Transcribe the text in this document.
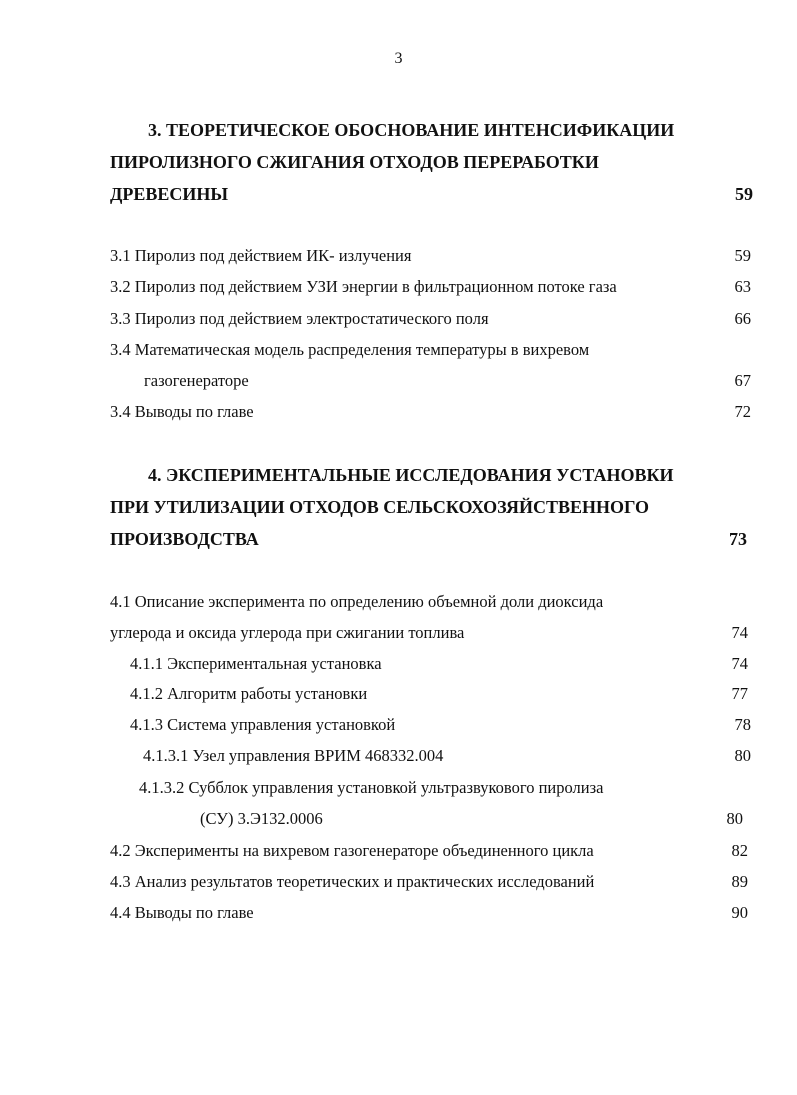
3
3. ТЕОРЕТИЧЕСКОЕ ОБОСНОВАНИЕ ИНТЕНСИФИКАЦИИ
ПИРОЛИЗНОГО СЖИГАНИЯ ОТХОДОВ ПЕРЕРАБОТКИ
ДРЕВЕСИНЫ	59
3.1 Пиролиз под действием ИК- излучения	59
3.2 Пиролиз под действием УЗИ энергии в фильтрационном потоке газа	63
3.3 Пиролиз под действием электростатического поля	66
3.4 Математическая модель распределения температуры в вихревом
газогенераторе	67
3.4 Выводы по главе	72
4. ЭКСПЕРИМЕНТАЛЬНЫЕ ИССЛЕДОВАНИЯ УСТАНОВКИ
ПРИ УТИЛИЗАЦИИ ОТХОДОВ СЕЛЬСКОХОЗЯЙСТВЕННОГО
ПРОИЗВОДСТВА	73
4.1 Описание эксперимента по определению объемной доли диоксида
углерода и оксида углерода при сжигании топлива	74
4.1.1 Экспериментальная установка	74
4.1.2 Алгоритм работы установки	77
4.1.3 Система управления установкой	78
4.1.3.1 Узел управления ВРИМ 468332.004	80
4.1.3.2 Субблок управления установкой ультразвукового пиролиза
(СУ) 3.Э132.0006	80
4.2 Эксперименты на вихревом газогенераторе объединенного цикла	82
4.3 Анализ результатов теоретических и практических исследований	89
4.4 Выводы по главе	90
